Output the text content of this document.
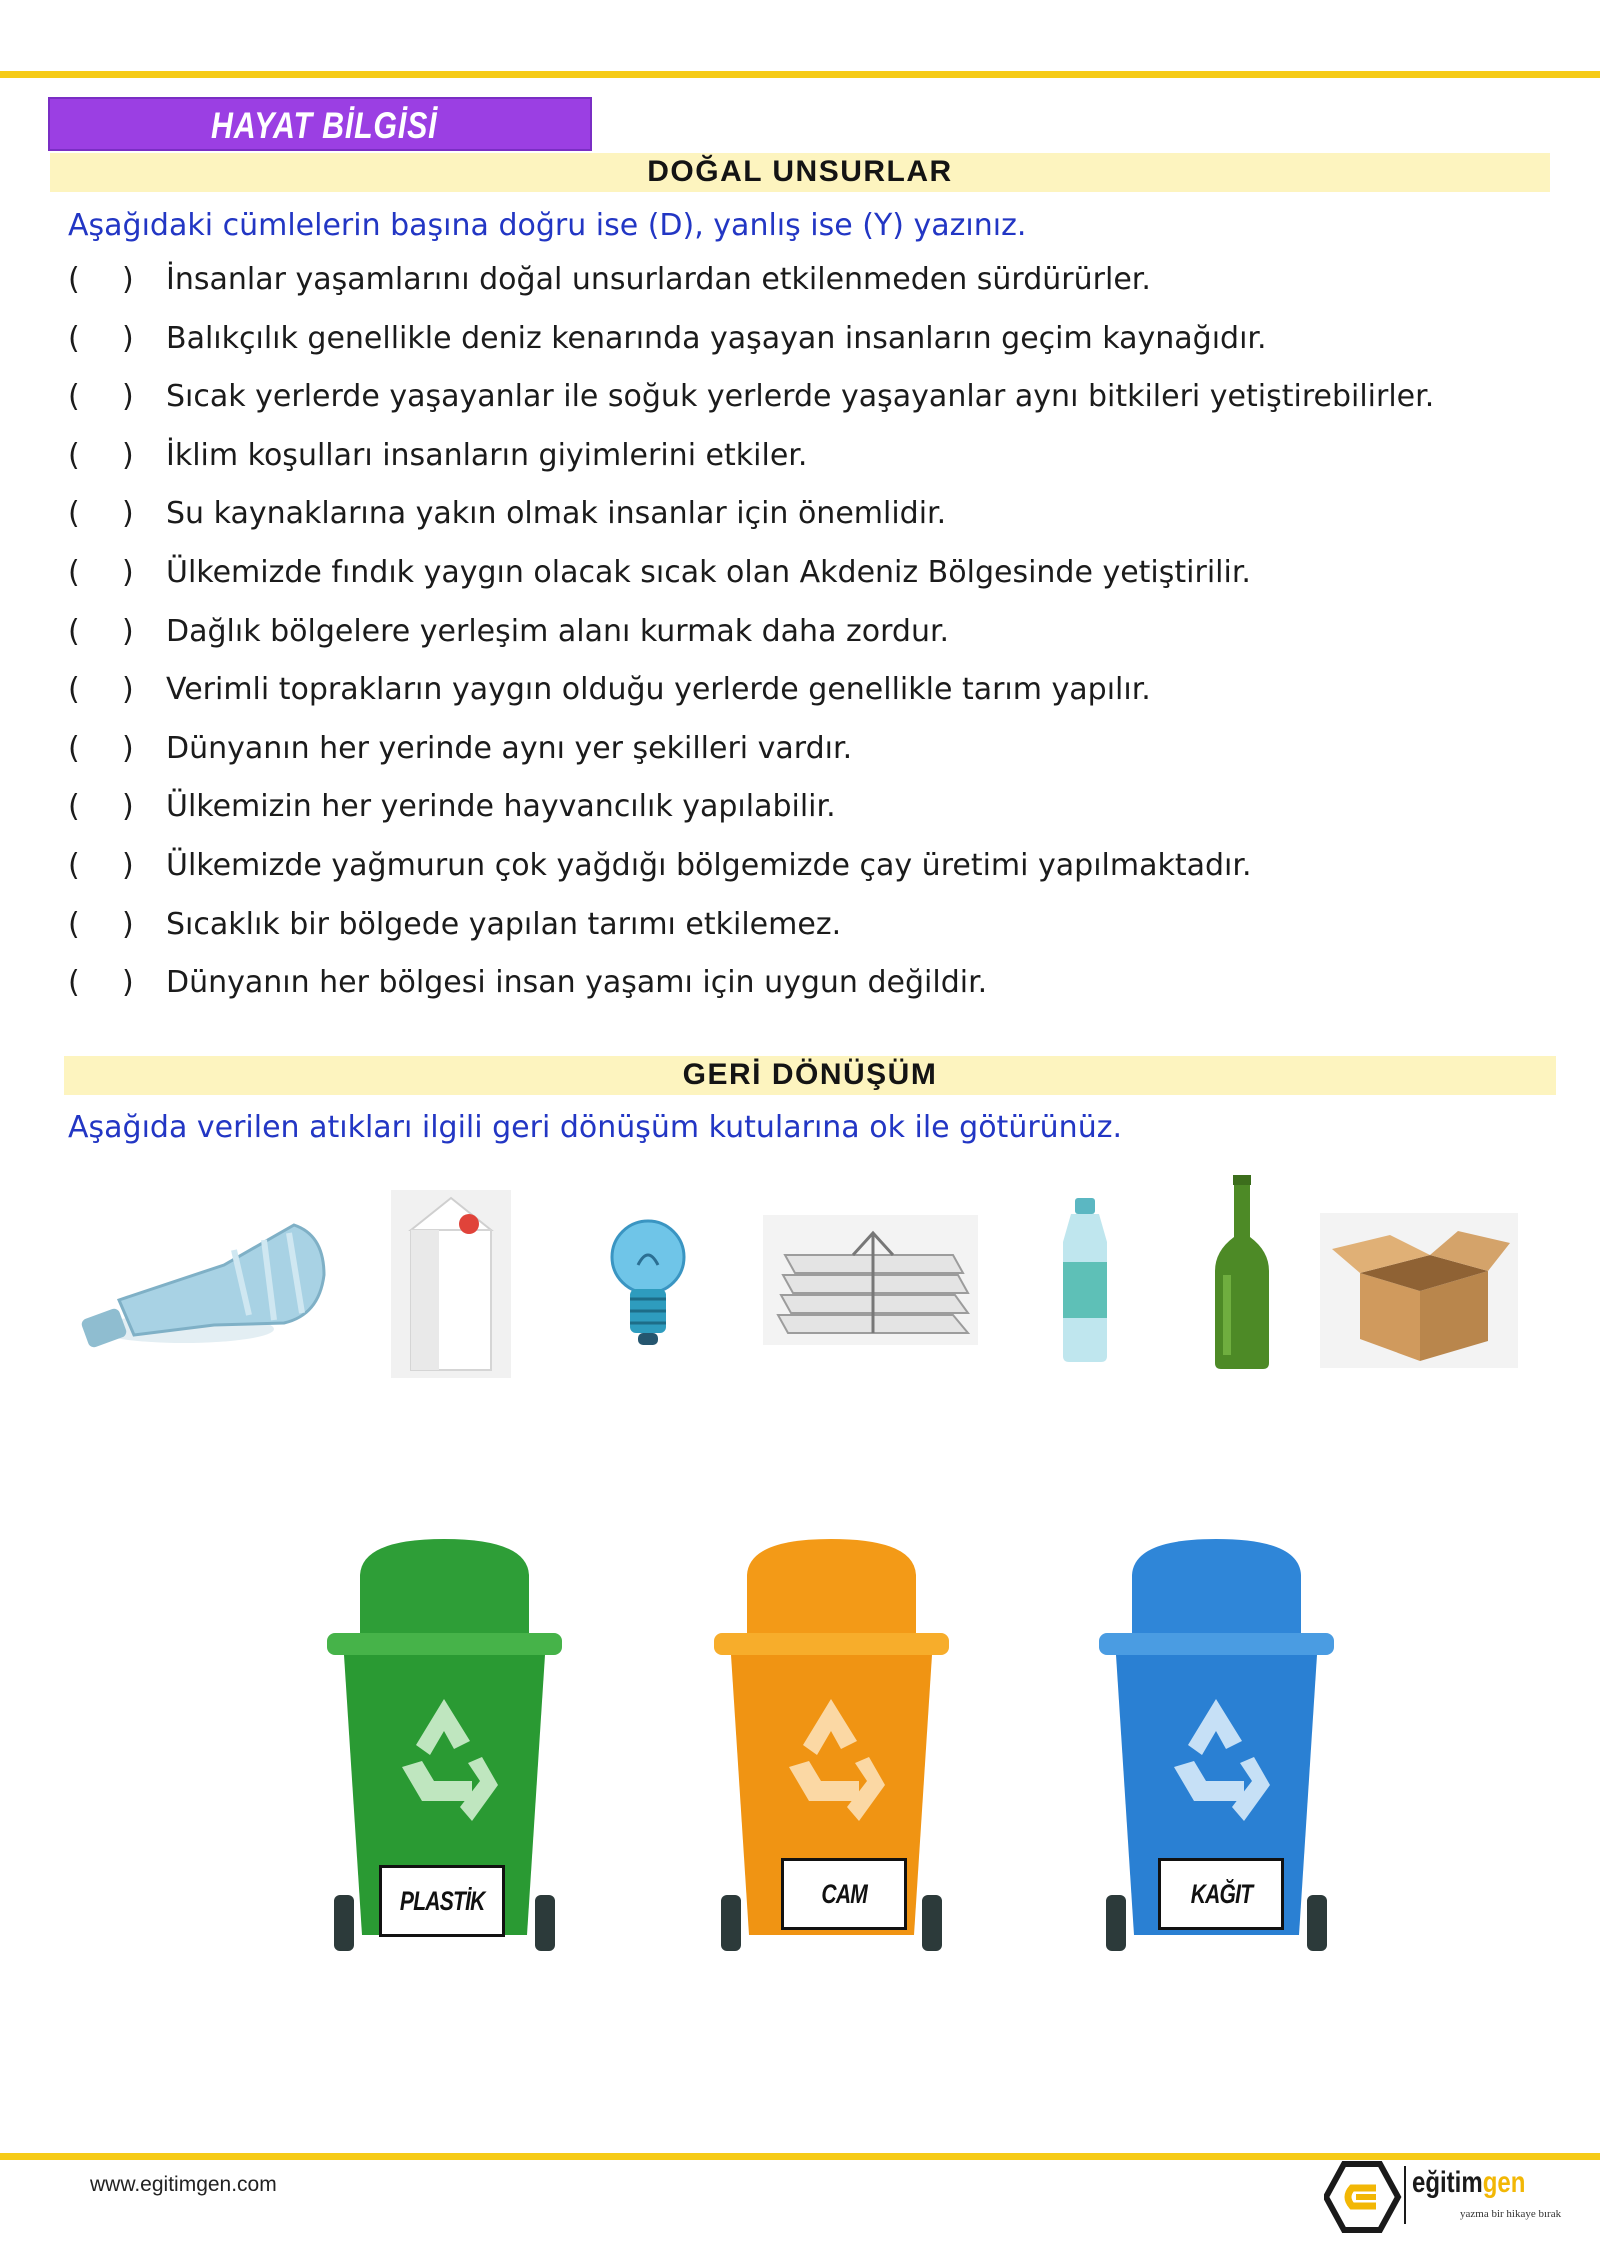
HAYAT BİLGİSİ
DOĞAL UNSURLAR
Aşağıdaki cümlelerin başına doğru ise (D), yanlış ise (Y) yazınız.
( ) İnsanlar yaşamlarını doğal unsurlardan etkilenmeden sürdürürler.
( ) Balıkçılık genellikle deniz kenarında yaşayan insanların geçim kaynağıdır.
( ) Sıcak yerlerde yaşayanlar ile soğuk yerlerde yaşayanlar aynı bitkileri yetiştirebilirler.
( ) İklim koşulları insanların giyimlerini etkiler.
( ) Su kaynaklarına yakın olmak insanlar için önemlidir.
( ) Ülkemizde fındık yaygın olacak sıcak olan Akdeniz Bölgesinde yetiştirilir.
( ) Dağlık bölgelere yerleşim alanı kurmak daha zordur.
( ) Verimli toprakların yaygın olduğu yerlerde genellikle tarım yapılır.
( ) Dünyanın her yerinde aynı yer şekilleri vardır.
( ) Ülkemizin her yerinde hayvancılık yapılabilir.
( ) Ülkemizde yağmurun çok yağdığı bölgemizde çay üretimi yapılmaktadır.
( ) Sıcaklık bir bölgede yapılan tarımı etkilemez.
( ) Dünyanın her bölgesi insan yaşamı için uygun değildir.
GERİ DÖNÜŞÜM
Aşağıda verilen atıkları ilgili geri dönüşüm kutularına ok ile götürünüz.
PLASTİK	CAM	KAĞIT
www.egitimgen.com	eğitimgen
yazma bir hikaye bırak
